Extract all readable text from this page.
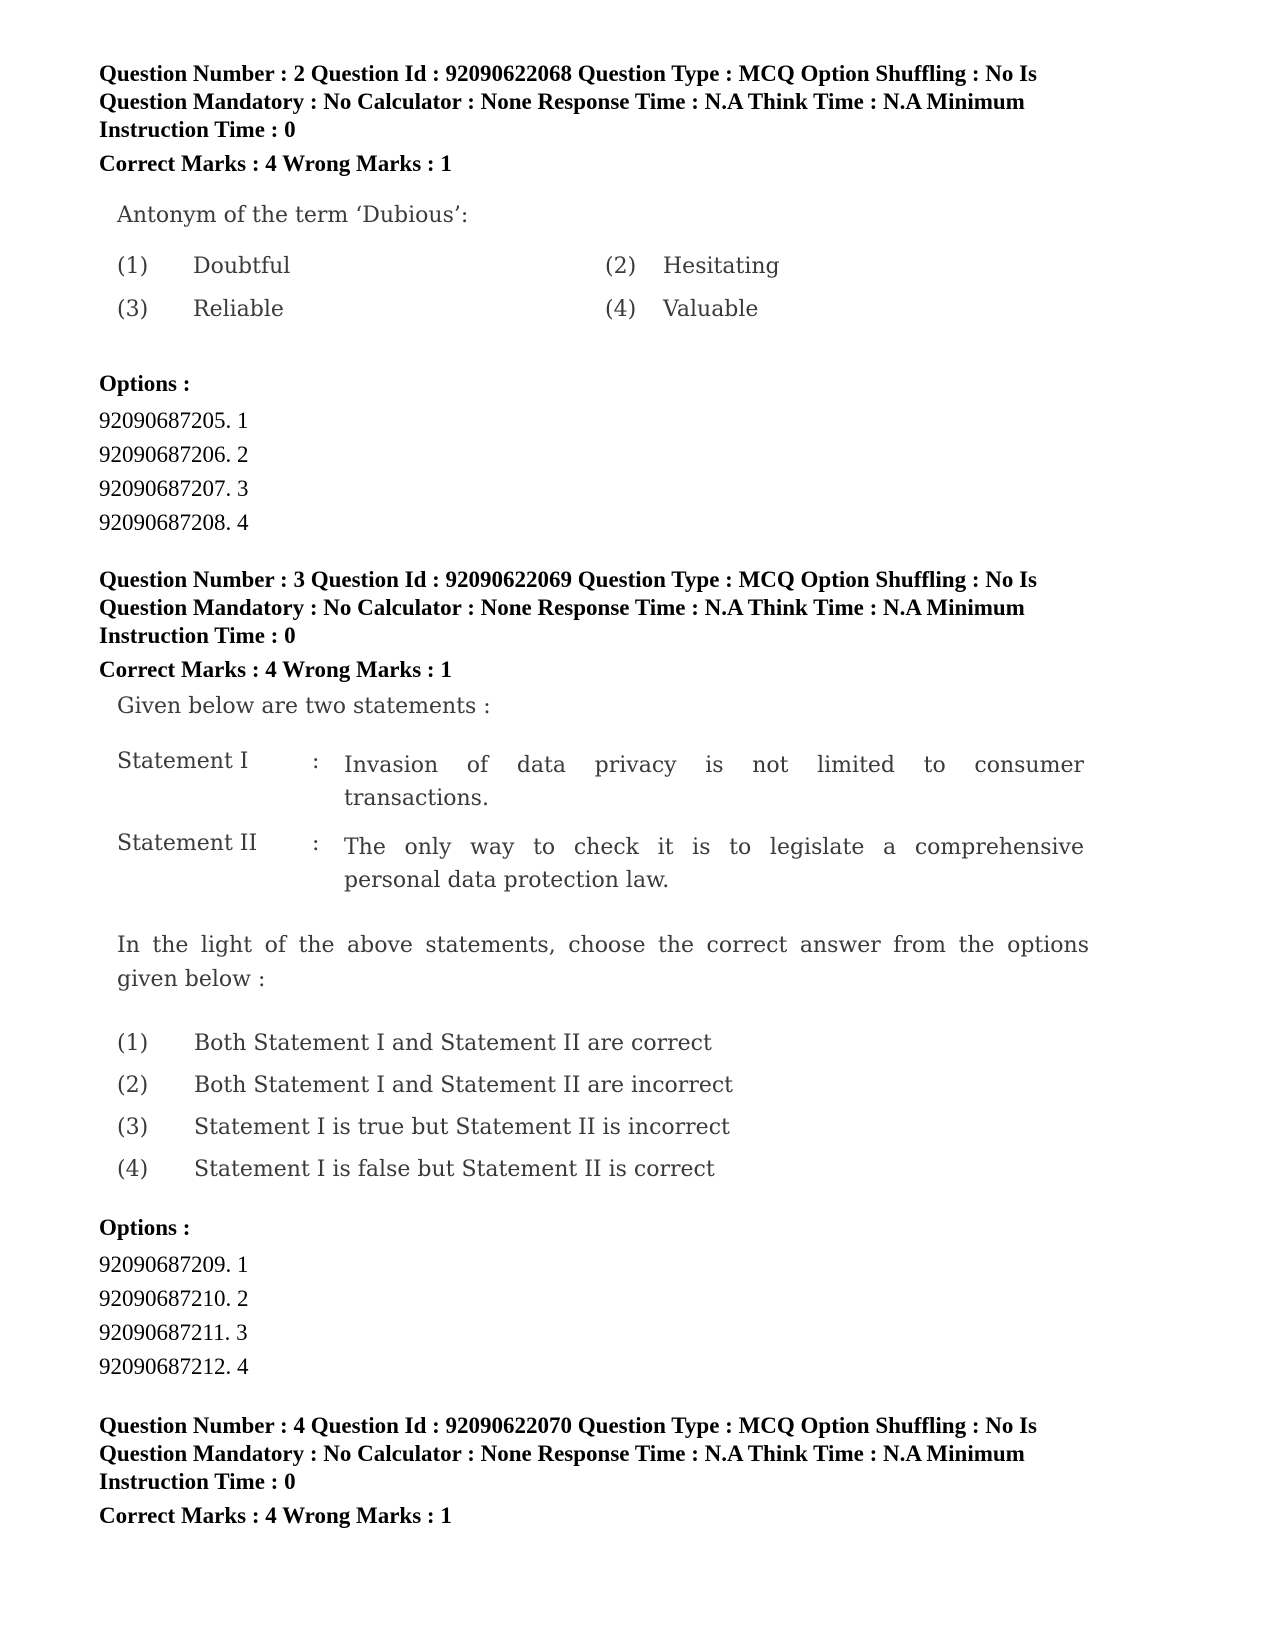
Question Number : 2 Question Id : 92090622068 Question Type : MCQ Option Shuffling : No Is

Question Mandatory : No Calculator : None Response Time : N.A Think Time : N.A Minimum

Instruction Time : 0

Correct Marks : 4 Wrong Marks : 1

Antonym of the term ‘Dubious’:

(1)	Doubtful	(2)	Hesitating
(3)	Reliable	(4)	Valuable
Options :
92090687205. 1
92090687206. 2
92090687207. 3
92090687208. 4

Question Number : 3 Question Id : 92090622069 Question Type : MCQ Option Shuffling : No Is

Question Mandatory : No Calculator : None Response Time : N.A Think Time : N.A Minimum

Instruction Time : 0

Correct Marks : 4 Wrong Marks : 1

Given below are two statements :

Statement I	:	Invasion of data privacy is not limited to consumer
transactions.
Statement II	:	The only way to check it is to legislate a comprehensive
personal data protection law.
In the light of the above statements, choose the correct answer from the options
given below :
(1)	Both Statement I and Statement II are correct
(2)	Both Statement I and Statement II are incorrect
(3)	Statement I is true but Statement II is incorrect
(4)	Statement I is false but Statement II is correct
Options :
92090687209. 1
92090687210. 2
92090687211. 3
92090687212. 4

Question Number : 4 Question Id : 92090622070 Question Type : MCQ Option Shuffling : No Is

Question Mandatory : No Calculator : None Response Time : N.A Think Time : N.A Minimum

Instruction Time : 0

Correct Marks : 4 Wrong Marks : 1
